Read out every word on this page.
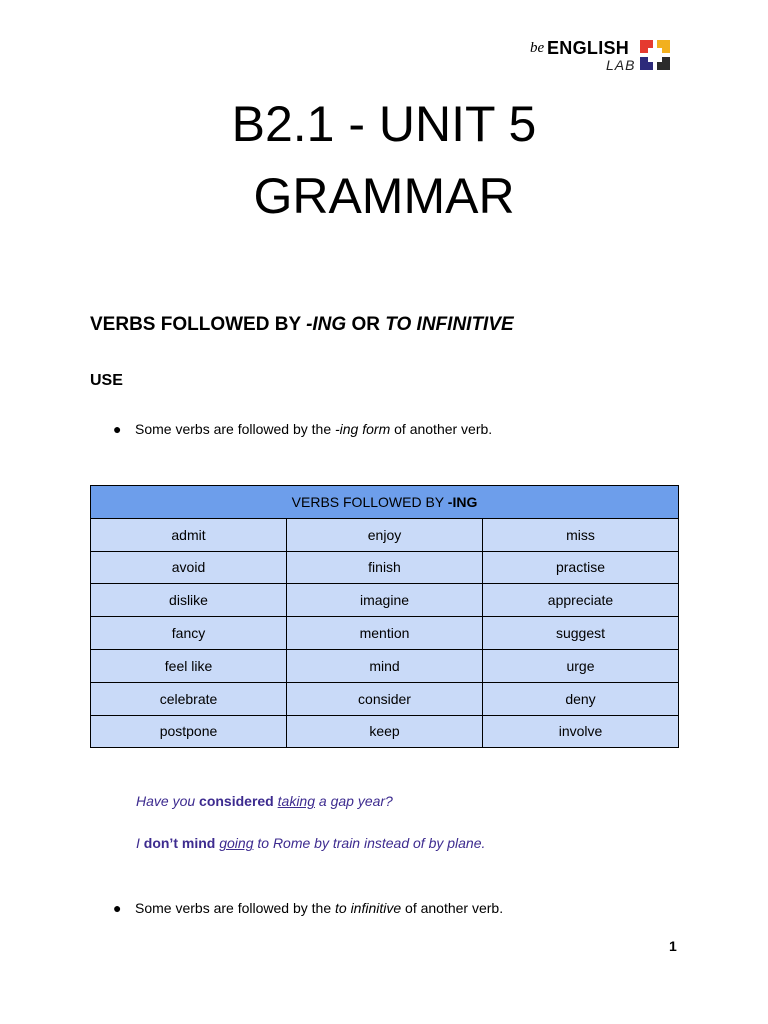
be ENGLISH
LAB
B2.1 - UNIT 5
GRAMMAR
VERBS FOLLOWED BY -ING OR TO INFINITIVE
USE
● Some verbs are followed by the -ing form of another verb.
VERBS FOLLOWED BY -ING		
admit	enjoy	miss
avoid	finish	practise
dislike	imagine	appreciate
fancy	mention	suggest
feel like	mind	urge
celebrate	consider	deny
postpone	keep	involve
Have you considered taking a gap year?
I don’t mind going to Rome by train instead of by plane.
● Some verbs are followed by the to infinitive of another verb.
1
